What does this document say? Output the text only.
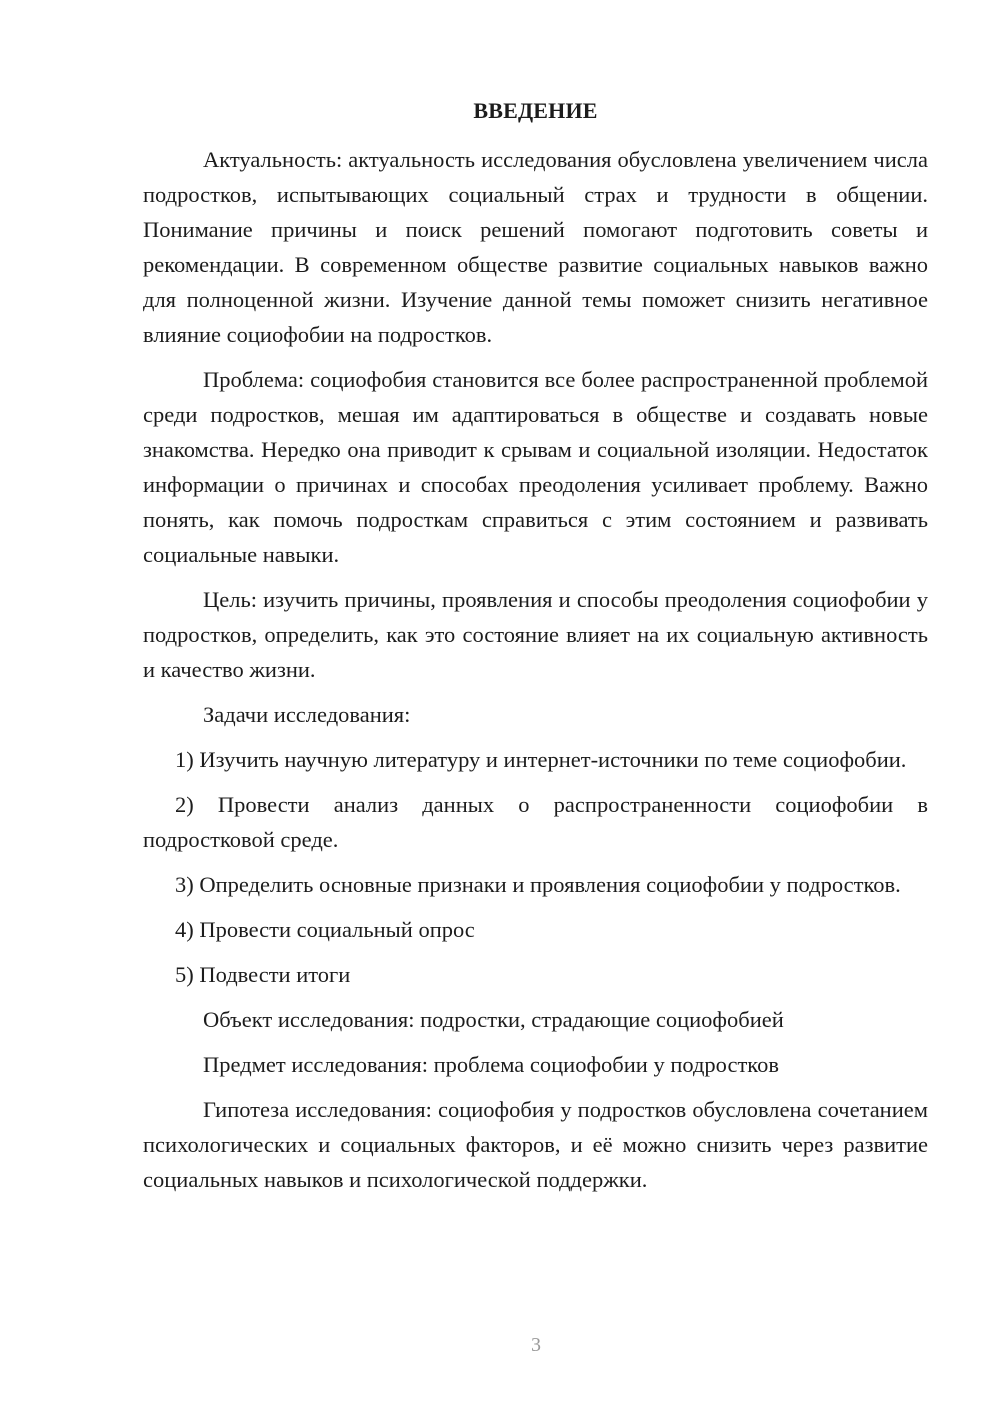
ВВЕДЕНИЕ

Актуальность: актуальность исследования обусловлена увеличением числа подростков, испытывающих социальный страх и трудности в общении. Понимание причины и поиск решений помогают подготовить советы и рекомендации. В современном обществе развитие социальных навыков важно для полноценной жизни. Изучение данной темы поможет снизить негативное влияние социофобии на подростков.

Проблема: социофобия становится все более распространенной проблемой среди подростков, мешая им адаптироваться в обществе и создавать новые знакомства. Нередко она приводит к срывам и социальной изоляции. Недостаток информации о причинах и способах преодоления усиливает проблему. Важно понять, как помочь подросткам справиться с этим состоянием и развивать социальные навыки.

Цель: изучить причины, проявления и способы преодоления социофобии у подростков, определить, как это состояние влияет на их социальную активность и качество жизни.

Задачи исследования:

1) Изучить научную литературу и интернет-источники по теме социофобии.

2) Провести анализ данных о распространенности социофобии в подростковой среде.

3) Определить основные признаки и проявления социофобии у подростков.

4) Провести социальный опрос

5) Подвести итоги

Объект исследования: подростки, страдающие социофобией

Предмет исследования: проблема социофобии у подростков

Гипотеза исследования: социофобия у подростков обусловлена сочетанием психологических и социальных факторов, и её можно снизить через развитие социальных навыков и психологической поддержки.

3
